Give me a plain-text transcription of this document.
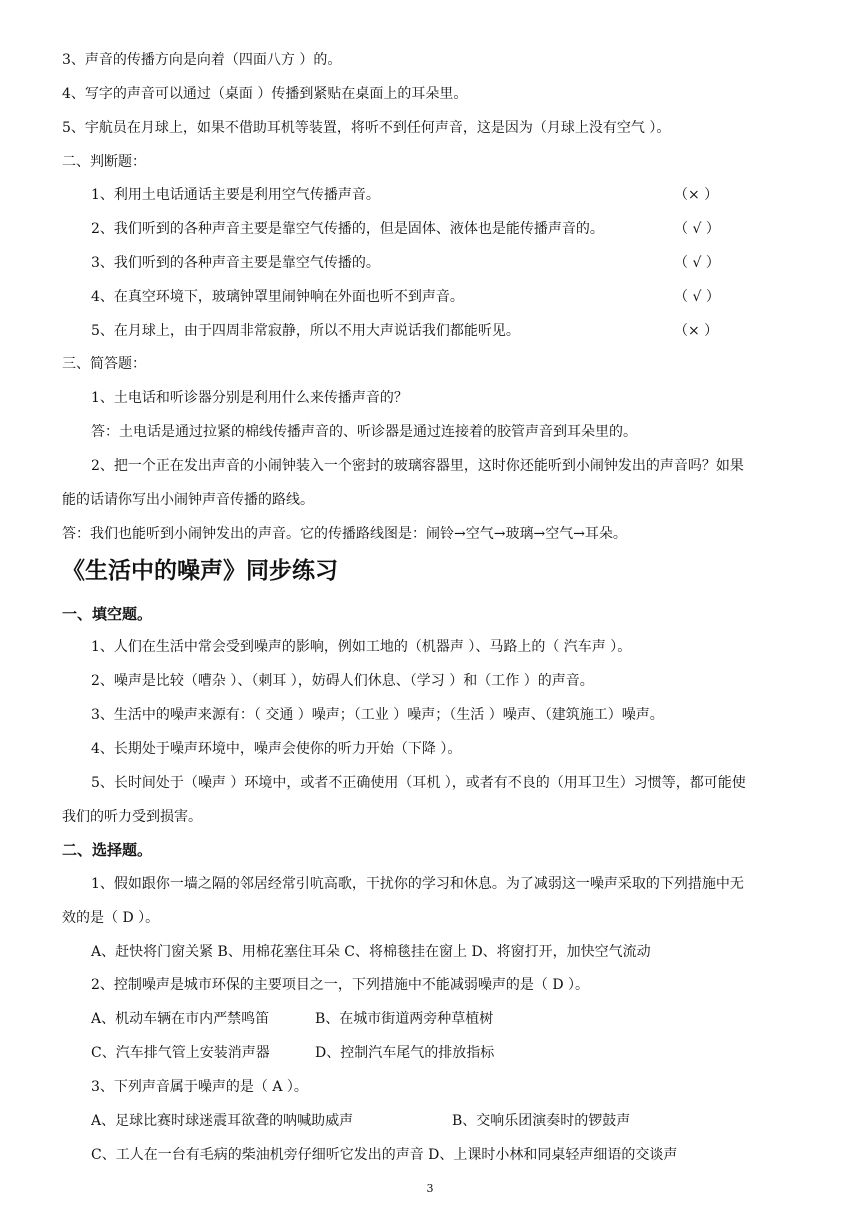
3、声音的传播方向是向着（四面八方 ）的。
4、写字的声音可以通过（桌面 ）传播到紧贴在桌面上的耳朵里。
5、宇航员在月球上，如果不借助耳机等装置，将听不到任何声音，这是因为（月球上没有空气 ）。
二、判断题：
1、利用土电话通话主要是利用空气传播声音。	（× ）
2、我们听到的各种声音主要是靠空气传播的，但是固体、液体也是能传播声音的。	（ √ ）
3、我们听到的各种声音主要是靠空气传播的。	（ √ ）
4、在真空环境下，玻璃钟罩里闹钟响在外面也听不到声音。	（ √ ）
5、在月球上，由于四周非常寂静，所以不用大声说话我们都能听见。	（× ）
三、简答题：
1、土电话和听诊器分别是利用什么来传播声音的？
答：土电话是通过拉紧的棉线传播声音的、听诊器是通过连接着的胶管声音到耳朵里的。
2、把一个正在发出声音的小闹钟装入一个密封的玻璃容器里，这时你还能听到小闹钟发出的声音吗？如果
能的话请你写出小闹钟声音传播的路线。
答：我们也能听到小闹钟发出的声音。它的传播路线图是：闹铃→空气→玻璃→空气→耳朵。
《生活中的噪声》同步练习
一、填空题。
1、人们在生活中常会受到噪声的影响，例如工地的（机器声 ）、马路上的（ 汽车声 ）。
2、噪声是比较（嘈杂 ）、（刺耳 ），妨碍人们休息、（学习 ）和（工作 ）的声音。
3、生活中的噪声来源有：（ 交通 ）噪声；（工业 ）噪声；（生活 ）噪声、（建筑施工）噪声。
4、长期处于噪声环境中，噪声会使你的听力开始（下降 ）。
5、长时间处于（噪声 ）环境中，或者不正确使用（耳机 ），或者有不良的（用耳卫生）习惯等，都可能使
我们的听力受到损害。
二、选择题。
1、假如跟你一墙之隔的邻居经常引吭高歌，干扰你的学习和休息。为了减弱这一噪声采取的下列措施中无
效的是（ D ）。
A、赶快将门窗关紧 B、用棉花塞住耳朵 C、将棉毯挂在窗上 D、将窗打开，加快空气流动
2、控制噪声是城市环保的主要项目之一，下列措施中不能减弱噪声的是（ D ）。
A、机动车辆在市内严禁鸣笛	B、在城市街道两旁种草植树
C、汽车排气管上安装消声器	D、控制汽车尾气的排放指标
3、下列声音属于噪声的是（ A ）。
A、足球比赛时球迷震耳欲聋的呐喊助威声	B、交响乐团演奏时的锣鼓声
C、工人在一台有毛病的柴油机旁仔细听它发出的声音 D、上课时小林和同桌轻声细语的交谈声
3
